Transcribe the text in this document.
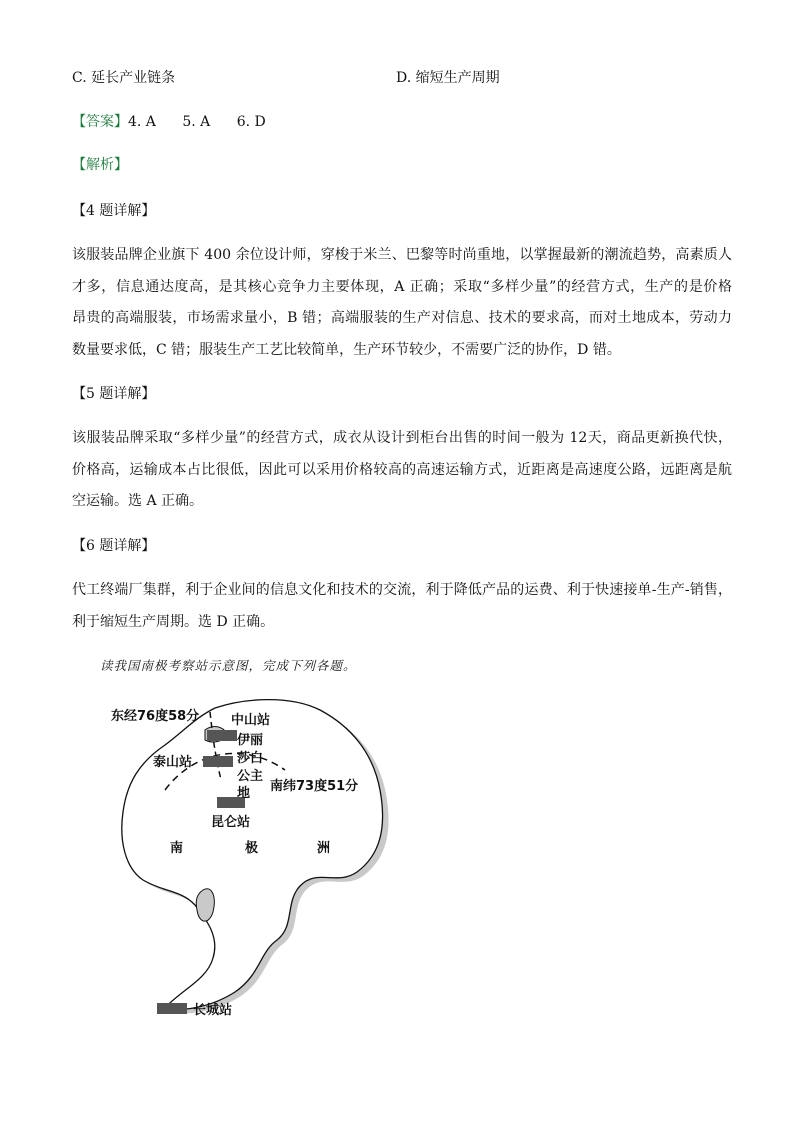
C. 延长产业链条	D. 缩短生产周期
【答案】4. A 5. A 6. D
【解析】
【4 题详解】
该服装品牌企业旗下 400 余位设计师，穿梭于米兰、巴黎等时尚重地，以掌握最新的潮流趋势，高素质人
才多，信息通达度高，是其核心竞争力主要体现，A 正确；采取“多样少量”的经营方式，生产的是价格
昂贵的高端服装，市场需求量小，B 错；高端服装的生产对信息、技术的要求高，而对土地成本，劳动力
数量要求低，C 错；服装生产工艺比较简单，生产环节较少，不需要广泛的协作，D 错。
【5 题详解】
该服装品牌采取“多样少量”的经营方式，成衣从设计到柜台出售的时间一般为 12天，商品更新换代快，
价格高，运输成本占比很低，因此可以采用价格较高的高速运输方式，近距离是高速度公路，远距离是航
空运输。选 A 正确。
【6 题详解】
代工终端厂集群，利于企业间的信息文化和技术的交流，利于降低产品的运费、利于快速接单-生产-销售，
利于缩短生产周期。选 D 正确。
读我国南极考察站示意图，完成下列各题。
东经76度58分 中山站
伊丽
莎白
公主
地
泰山站
南纬73度51分
昆仑站
南	极	洲
长城站
